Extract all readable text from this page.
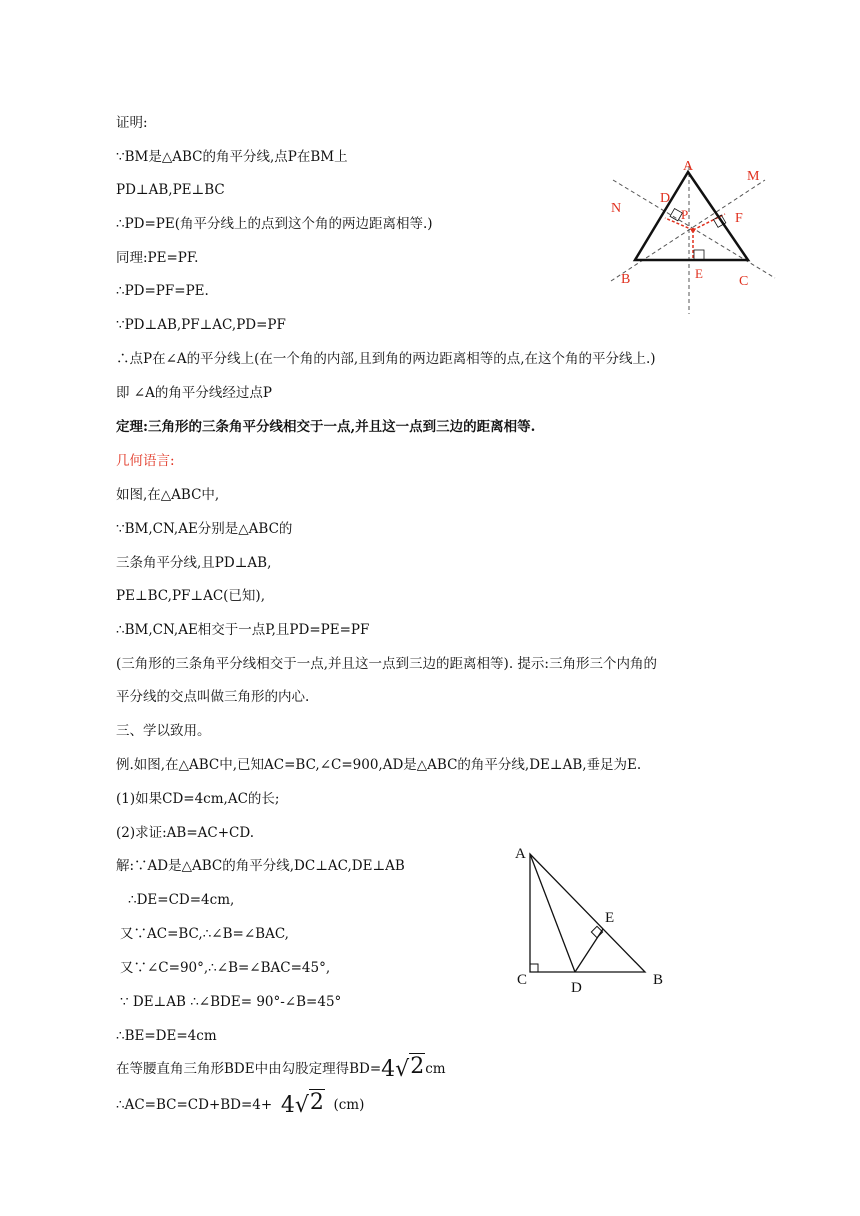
证明:

∵BM是△ABC的角平分线,点P在BM上

PD⊥AB,PE⊥BC

∴PD=PE(角平分线上的点到这个角的两边距离相等.)

同理:PE=PF.

∴PD=PF=PE.

∵PD⊥AB,PF⊥AC,PD=PF

∴点P在∠A的平分线上(在一个角的内部,且到角的两边距离相等的点,在这个角的平分线上.)

即 ∠A的角平分线经过点P

定理:三角形的三条角平分线相交于一点,并且这一点到三边的距离相等.

几何语言:

如图,在△ABC中,

∵BM,CN,AE分别是△ABC的

三条角平分线,且PD⊥AB,

PE⊥BC,PF⊥AC(已知),

∴BM,CN,AE相交于一点P,且PD=PE=PF

(三角形的三条角平分线相交于一点,并且这一点到三边的距离相等). 提示:三角形三个内角的

平分线的交点叫做三角形的内心.

三、学以致用。

例.如图,在△ABC中,已知AC=BC,∠C=900,AD是△ABC的角平分线,DE⊥AB,垂足为E.

(1)如果CD=4cm,AC的长;

(2)求证:AB=AC+CD.

解:∵AD是△ABC的角平分线,DC⊥AC,DE⊥AB

∴DE=CD=4cm,

又∵AC=BC,∴∠B=∠BAC,

又∵∠C=90°,∴∠B=∠BAC=45°,

∵ DE⊥AB ∴∠BDE= 90°-∠B=45°

∴BE=DE=4cm

在等腰直角三角形BDE中由勾股定理得BD=4√2cm

∴AC=BC=CD+BD=4+ 4√2 (cm)

A
B	C
D
E
F
P
M
N
A
C	D
E
B
